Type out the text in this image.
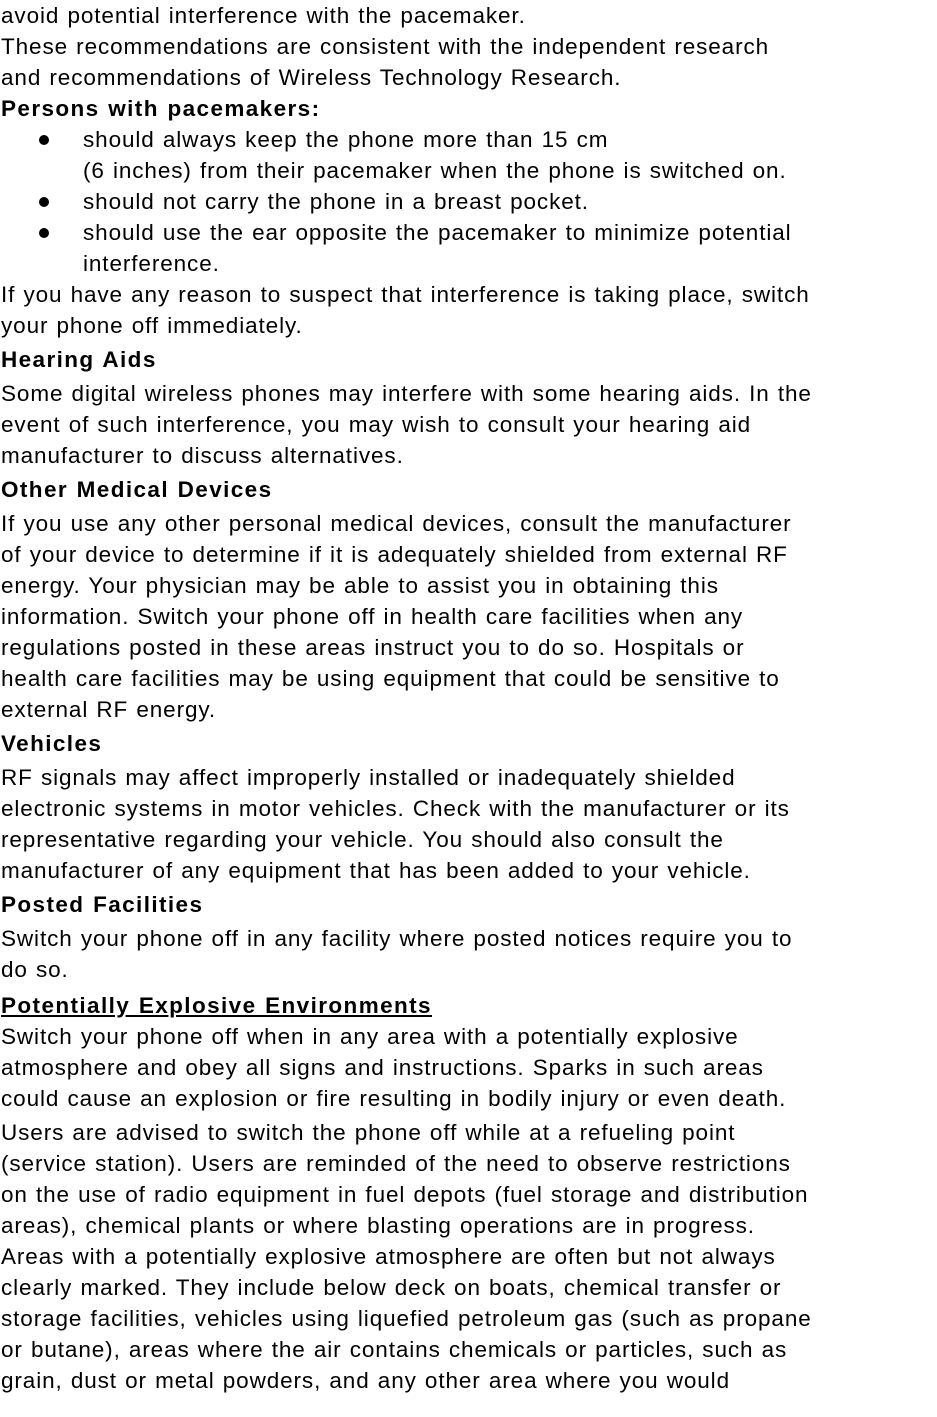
avoid potential interference with the pacemaker.
These recommendations are consistent with the independent research
and recommendations of Wireless Technology Research.

Persons with pacemakers:
should always keep the phone more than 15 cm
(6 inches) from their pacemaker when the phone is switched on.
should not carry the phone in a breast pocket.
should use the ear opposite the pacemaker to minimize potential
interference.

If you have any reason to suspect that interference is taking place, switch
your phone off immediately.

Hearing Aids

Some digital wireless phones may interfere with some hearing aids. In the
event of such interference, you may wish to consult your hearing aid
manufacturer to discuss alternatives.

Other Medical Devices

If you use any other personal medical devices, consult the manufacturer
of your device to determine if it is adequately shielded from external RF
energy. Your physician may be able to assist you in obtaining this
information. Switch your phone off in health care facilities when any
regulations posted in these areas instruct you to do so. Hospitals or
health care facilities may be using equipment that could be sensitive to
external RF energy.

Vehicles

RF signals may affect improperly installed or inadequately shielded
electronic systems in motor vehicles. Check with the manufacturer or its
representative regarding your vehicle. You should also consult the
manufacturer of any equipment that has been added to your vehicle.

Posted Facilities

Switch your phone off in any facility where posted notices require you to
do so.

Potentially Explosive Environments

Switch your phone off when in any area with a potentially explosive
atmosphere and obey all signs and instructions. Sparks in such areas
could cause an explosion or fire resulting in bodily injury or even death.

Users are advised to switch the phone off while at a refueling point
(service station). Users are reminded of the need to observe restrictions
on the use of radio equipment in fuel depots (fuel storage and distribution
areas), chemical plants or where blasting operations are in progress.

Areas with a potentially explosive atmosphere are often but not always
clearly marked. They include below deck on boats, chemical transfer or
storage facilities, vehicles using liquefied petroleum gas (such as propane
or butane), areas where the air contains chemicals or particles, such as
grain, dust or metal powders, and any other area where you would
